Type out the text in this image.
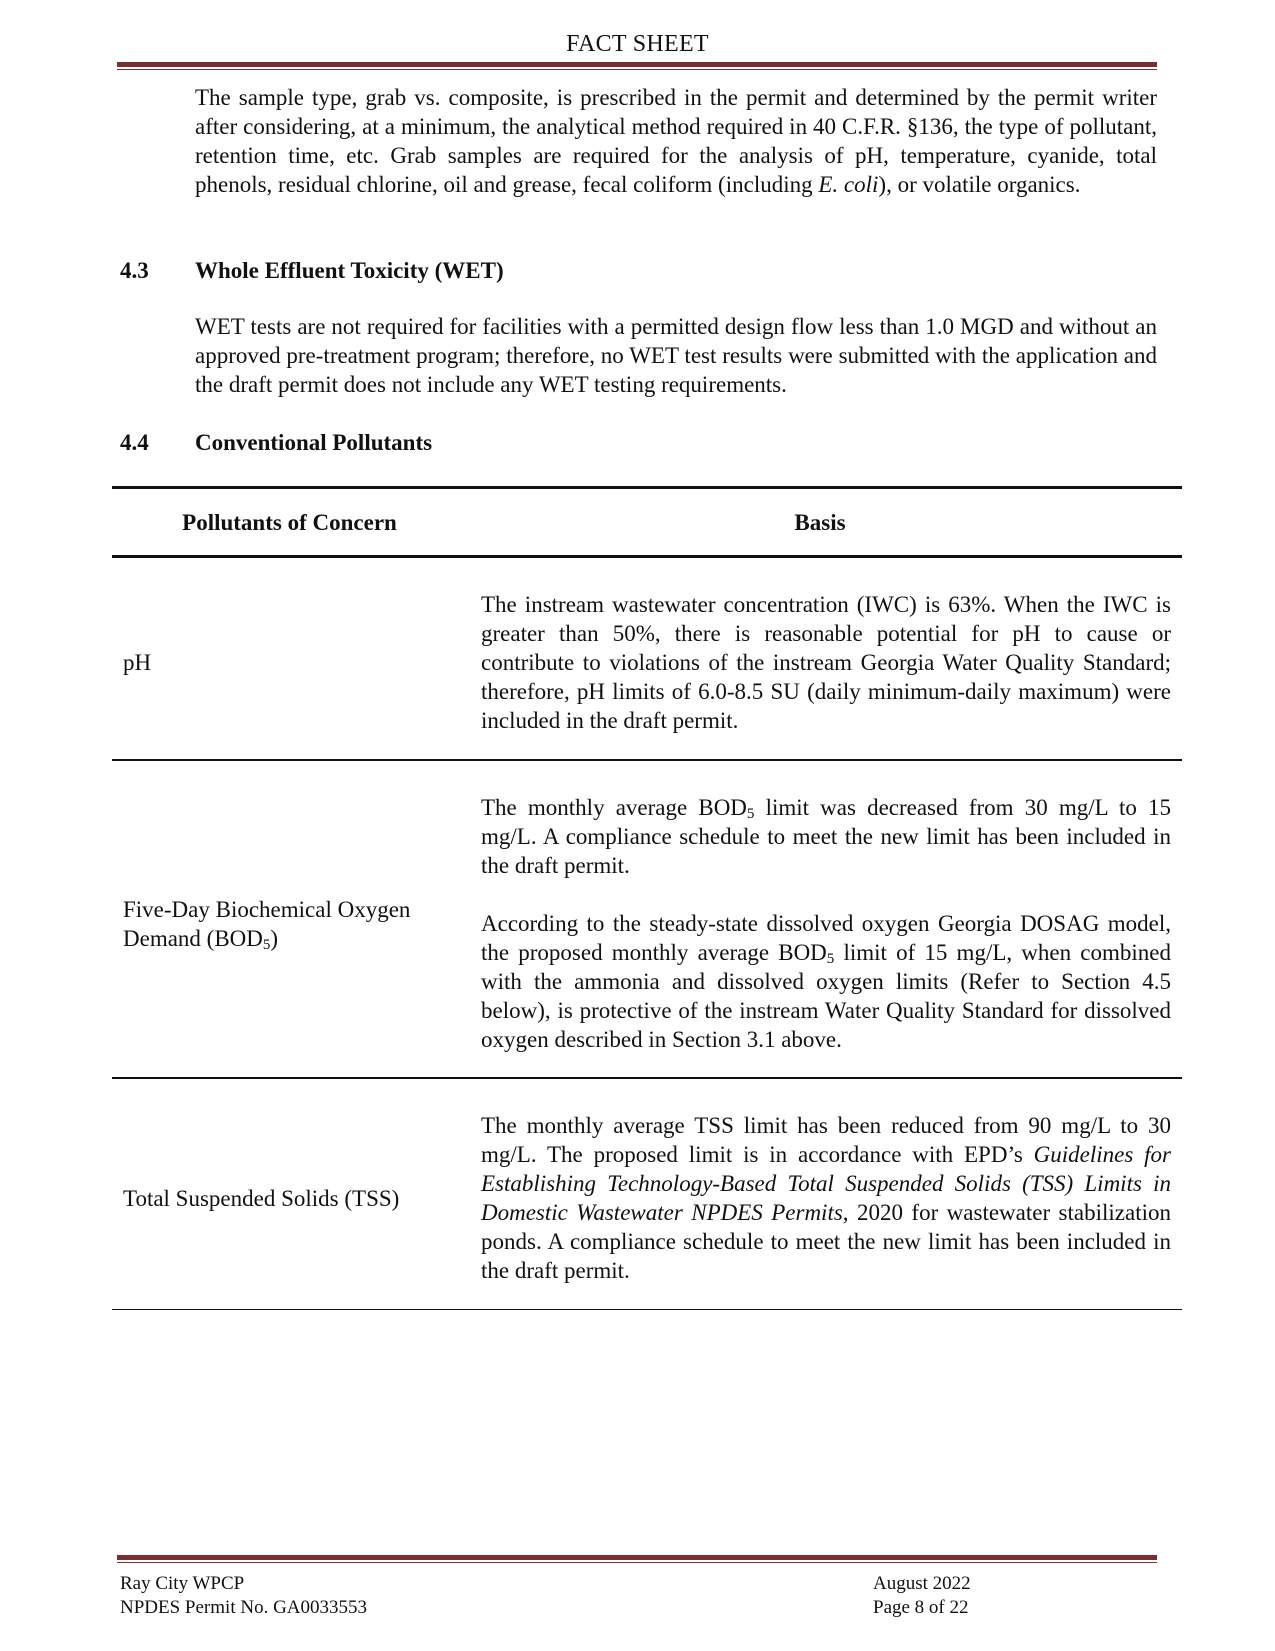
FACT SHEET
The sample type, grab vs. composite, is prescribed in the permit and determined by the permit writer after considering, at a minimum, the analytical method required in 40 C.F.R. §136, the type of pollutant, retention time, etc. Grab samples are required for the analysis of pH, temperature, cyanide, total phenols, residual chlorine, oil and grease, fecal coliform (including E. coli), or volatile organics.
4.3 Whole Effluent Toxicity (WET)
WET tests are not required for facilities with a permitted design flow less than 1.0 MGD and without an approved pre-treatment program; therefore, no WET test results were submitted with the application and the draft permit does not include any WET testing requirements.
4.4 Conventional Pollutants
Pollutants of Concern	Basis
pH

The instream wastewater concentration (IWC) is 63%. When the IWC is greater than 50%, there is reasonable potential for pH to cause or contribute to violations of the instream Georgia Water Quality Standard; therefore, pH limits of 6.0-8.5 SU (daily minimum-daily maximum) were included in the draft permit.

Five-Day Biochemical Oxygen Demand $(BOD_5)$

The monthly average $BOD_5$ limit was decreased from 30 mg/L to 15 mg/L. A compliance schedule to meet the new limit has been included in the draft permit.

According to the steady-state dissolved oxygen Georgia DOSAG model, the proposed monthly average $BOD_5$ limit of 15 mg/L, when combined with the ammonia and dissolved oxygen limits (Refer to Section 4.5 below), is protective of the instream Water Quality Standard for dissolved oxygen described in Section 3.1 above.

Total Suspended Solids (TSS)

The monthly average TSS limit has been reduced from 90 mg/L to 30 mg/L. The proposed limit is in accordance with EPD’s Guidelines for Establishing Technology-Based Total Suspended Solids (TSS) Limits in Domestic Wastewater NPDES Permits, 2020 for wastewater stabilization ponds. A compliance schedule to meet the new limit has been included in the draft permit.

Ray City WPCP
NPDES Permit No. GA0033553
August 2022
Page 8 of 22
